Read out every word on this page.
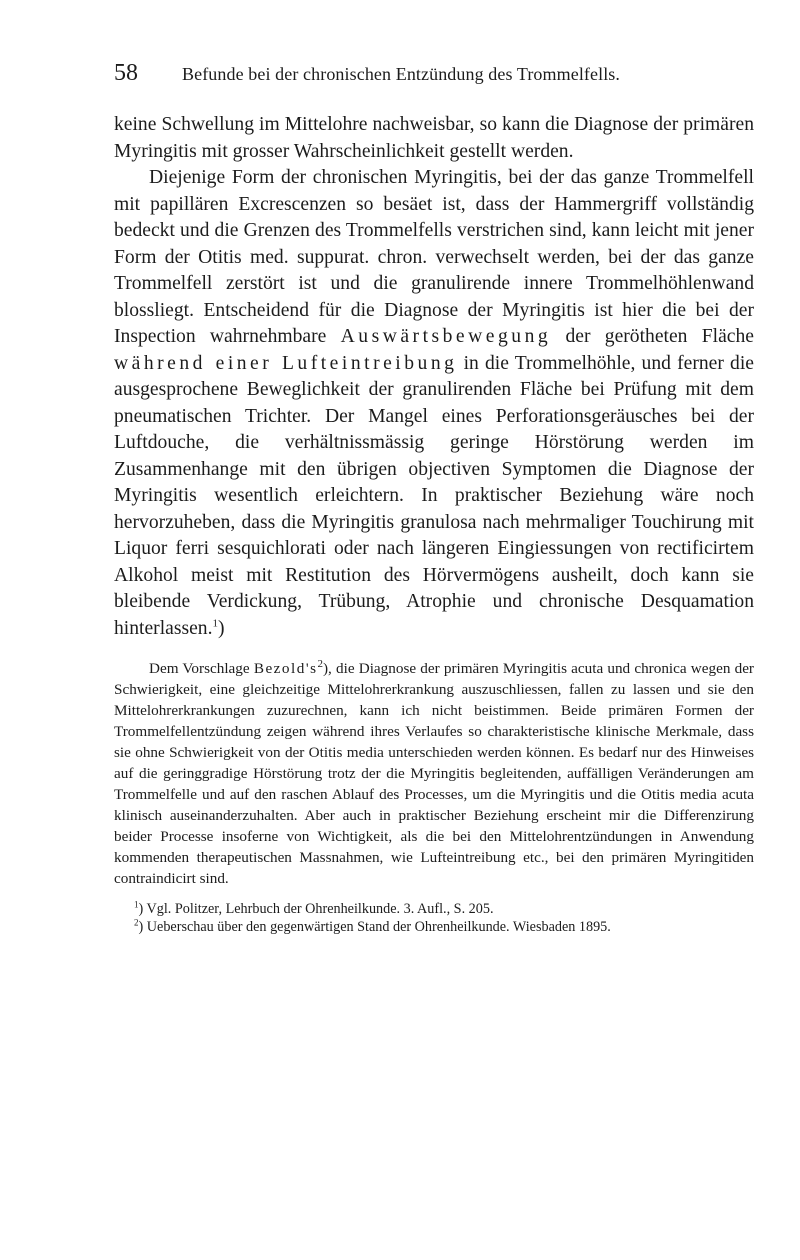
58 Befunde bei der chronischen Entzündung des Trommelfells.

keine Schwellung im Mittelohre nachweisbar, so kann die Diagnose der primären Myringitis mit grosser Wahrscheinlichkeit gestellt werden.

Diejenige Form der chronischen Myringitis, bei der das ganze Trommelfell mit papillären Excrescenzen so besäet ist, dass der Hammergriff vollständig bedeckt und die Grenzen des Trommelfells verstrichen sind, kann leicht mit jener Form der Otitis med. suppurat. chron. verwechselt werden, bei der das ganze Trommelfell zerstört ist und die granulirende innere Trommelhöhlenwand blossliegt. Entscheidend für die Diagnose der Myringitis ist hier die bei der Inspection wahrnehmbare Auswärtsbewegung der gerötheten Fläche während einer Lufteintreibung in die Trommelhöhle, und ferner die ausgesprochene Beweglichkeit der granulirenden Fläche bei Prüfung mit dem pneumatischen Trichter. Der Mangel eines Perforationsgeräusches bei der Luftdouche, die verhältnissmässig geringe Hörstörung werden im Zusammenhange mit den übrigen objectiven Symptomen die Diagnose der Myringitis wesentlich erleichtern. In praktischer Beziehung wäre noch hervorzuheben, dass die Myringitis granulosa nach mehrmaliger Touchirung mit Liquor ferri sesquichlorati oder nach längeren Eingiessungen von rectificirtem Alkohol meist mit Restitution des Hörvermögens ausheilt, doch kann sie bleibende Verdickung, Trübung, Atrophie und chronische Desquamation hinterlassen.$^1$)

Dem Vorschlage $Bezold's^2$), die Diagnose der primären Myringitis acuta und chronica wegen der Schwierigkeit, eine gleichzeitige Mittelohrerkrankung auszuschliessen, fallen zu lassen und sie den Mittelohrerkrankungen zuzurechnen, kann ich nicht beistimmen. Beide primären Formen der Trommelfellentzündung zeigen während ihres Verlaufes so charakteristische klinische Merkmale, dass sie ohne Schwierigkeit von der Otitis media unterschieden werden können. Es bedarf nur des Hinweises auf die geringgradige Hörstörung trotz der die Myringitis begleitenden, auffälligen Veränderungen am Trommelfelle und auf den raschen Ablauf des Processes, um die Myringitis und die Otitis media acuta klinisch auseinanderzuhalten. Aber auch in praktischer Beziehung erscheint mir die Differenzirung beider Processe insoferne von Wichtigkeit, als die bei den Mittelohrentzündungen in Anwendung kommenden therapeutischen Massnahmen, wie Lufteintreibung etc., bei den primären Myringitiden contraindicirt sind.
$^1$) Vgl. Politzer, Lehrbuch der Ohrenheilkunde. 3. Aufl., S. 205.
$^2$) Ueberschau über den gegenwärtigen Stand der Ohrenheilkunde. Wiesbaden 1895.
